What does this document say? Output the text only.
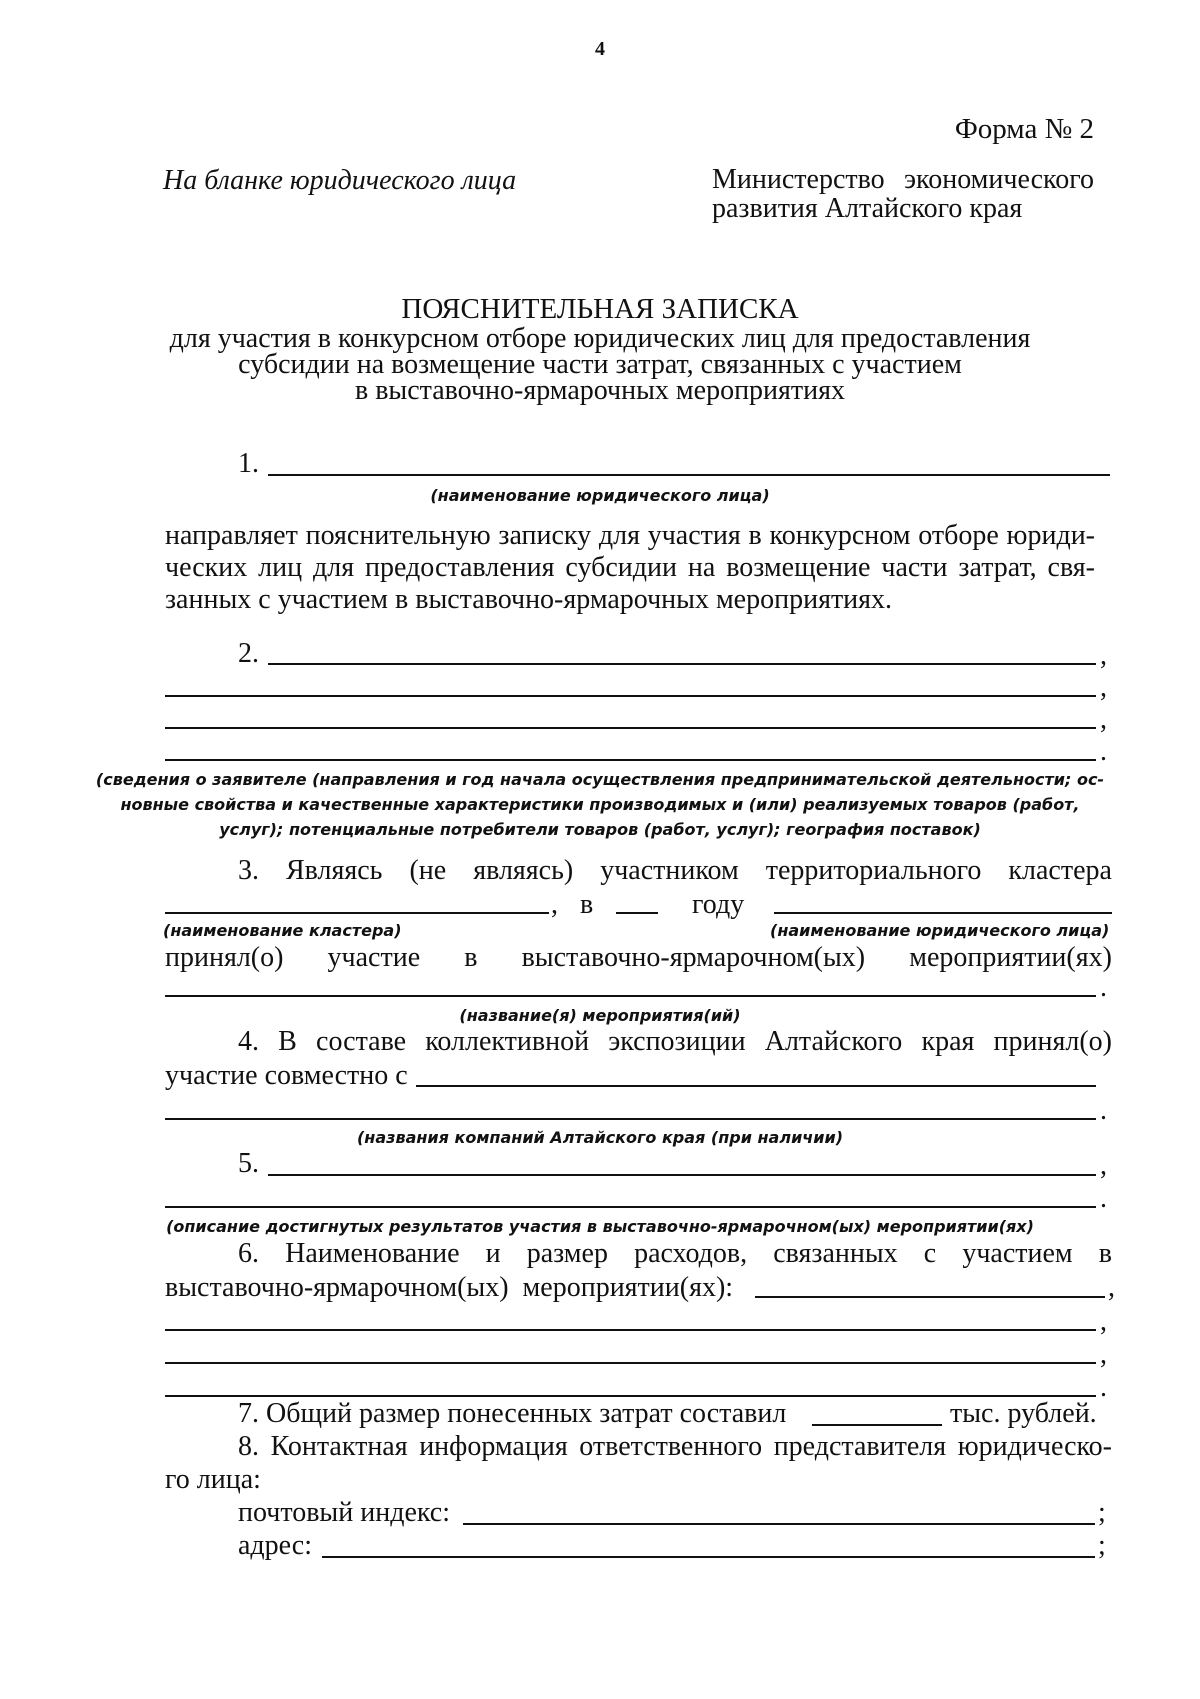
4
Форма № 2
На бланке юридического лица	Министерство экономического
развития Алтайского края
ПОЯСНИТЕЛЬНАЯ ЗАПИСКА
для участия в конкурсном отборе юридических лиц для предоставления
субсидии на возмещение части затрат, связанных с участием
в выставочно-ярмарочных мероприятиях
1.
(наименование юридического лица)
направляет пояснительную записку для участия в конкурсном отборе юриди-
ческих лиц для предоставления субсидии на возмещение части затрат, свя-
занных с участием в выставочно-ярмарочных мероприятиях.
2.	,
,
,
.
(сведения о заявителе (направления и год начала осуществления предпринимательской деятельности; ос-
новные свойства и качественные характеристики производимых и (или) реализуемых товаров (работ,
услуг); потенциальные потребители товаров (работ, услуг); география поставок)
3. Являясь (не являясь) участником территориального кластера
, в	году
(наименование кластера)	(наименование юридического лица)
принял(о) участие в выставочно-ярмарочном(ых) мероприятии(ях)
.
(название(я) мероприятия(ий)
4. В составе коллективной экспозиции Алтайского края принял(о)
участие совместно с
.
(названия компаний Алтайского края (при наличии)
5.	,
.
(описание достигнутых результатов участия в выставочно-ярмарочном(ых) мероприятии(ях)
6. Наименование и размер расходов, связанных с участием в
выставочно-ярмарочном(ых)  мероприятии(ях):	,
,
,
.
7. Общий размер понесенных затрат составил	тыс. рублей.
8. Контактная информация ответственного представителя юридическо-
го лица:
почтовый индекс:	;
адрес:	;
